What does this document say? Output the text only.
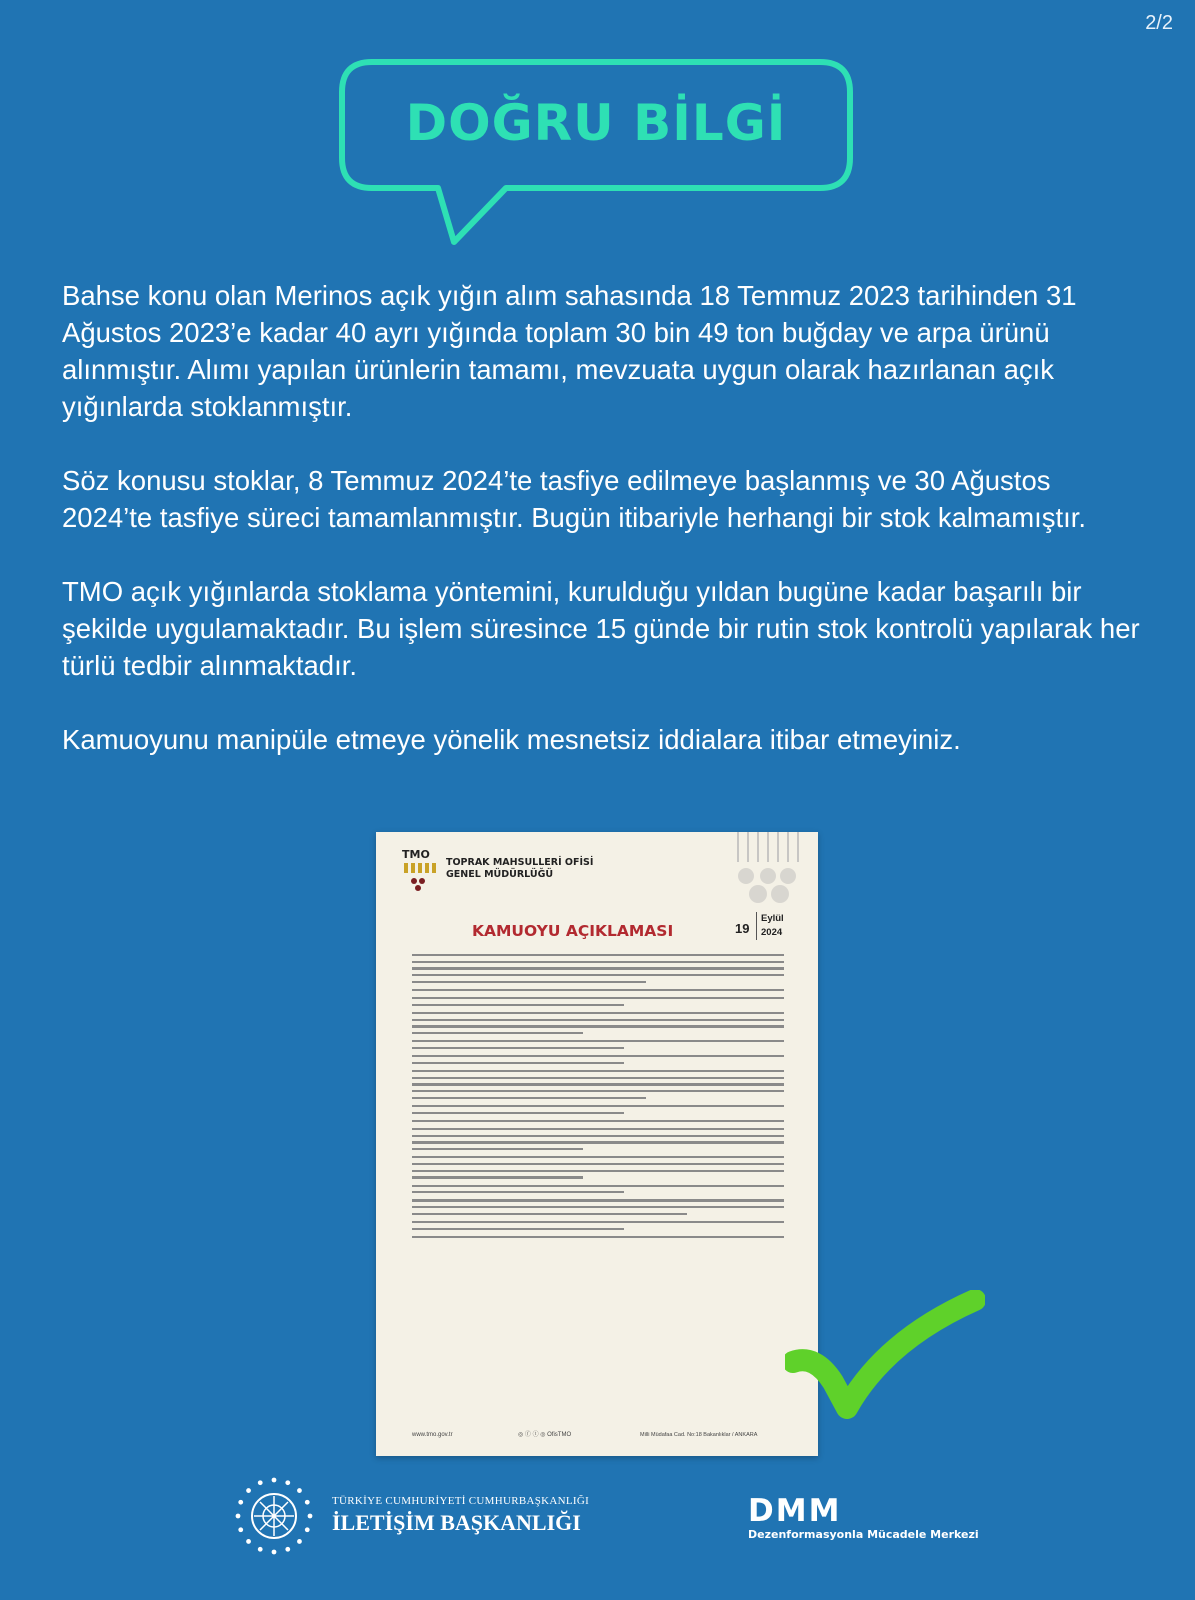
2/2
DOĞRU BİLGİ

Bahse konu olan Merinos açık yığın alım sahasında 18 Temmuz 2023 tarihinden 31 Ağustos 2023’e kadar 40 ayrı yığında toplam 30 bin 49 ton buğday ve arpa ürünü alınmıştır. Alımı yapılan ürünlerin tamamı, mevzuata uygun olarak hazırlanan açık yığınlarda stoklanmıştır.

Söz konusu stoklar, 8 Temmuz 2024’te tasfiye edilmeye başlanmış ve 30 Ağustos 2024’te tasfiye süreci tamamlanmıştır. Bugün itibariyle herhangi bir stok kalmamıştır.

TMO açık yığınlarda stoklama yöntemini, kurulduğu yıldan bugüne kadar başarılı bir şekilde uygulamaktadır. Bu işlem süresince 15 günde bir rutin stok kontrolü yapılarak her türlü tedbir alınmaktadır.

Kamuoyunu manipüle etmeye yönelik mesnetsiz iddialara itibar etmeyiniz.

TMO
TOPRAK MAHSULLERİ OFİSİ
GENEL MÜDÜRLÜĞÜ
KAMUOYU AÇIKLAMASI	19
Eylül
2024
www.tmo.gov.tr	◎ ⓕ ⓣ ◎ OfisTMO	Milli Müdafaa Cad. No:18 Bakanlıklar / ANKARA
TÜRKİYE CUMHURİYETİ CUMHURBAŞKANLIĞI
İLETİŞİM BAŞKANLIĞI	DMM
Dezenformasyonla Mücadele Merkezi
